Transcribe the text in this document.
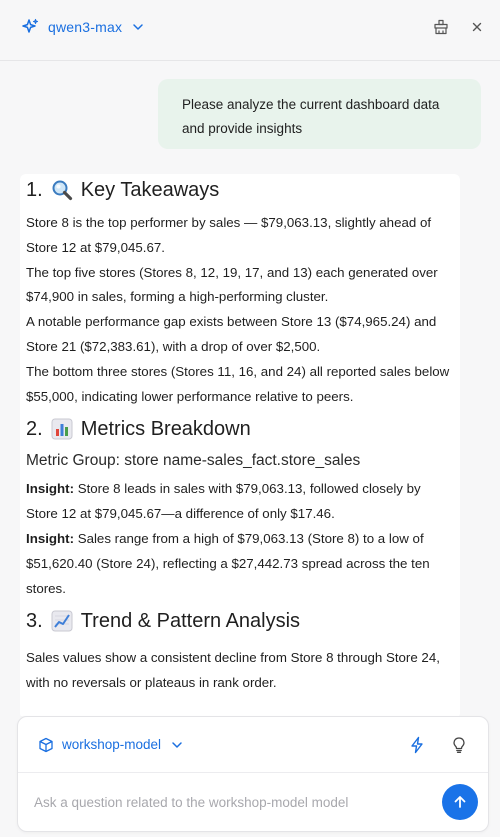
qwen3-max
Please analyze the current dashboard data and provide insights
1. Key Takeaways
Store 8 is the top performer by sales — $79,063.13, slightly ahead of Store 12 at $79,045.67.
The top five stores (Stores 8, 12, 19, 17, and 13) each generated over $74,900 in sales, forming a high-performing cluster.
A notable performance gap exists between Store 13 ($74,965.24) and Store 21 ($72,383.61), with a drop of over $2,500.
The bottom three stores (Stores 11, 16, and 24) all reported sales below $55,000, indicating lower performance relative to peers.
2. Metrics Breakdown
Metric Group: store name-sales_fact.store_sales
Insight: Store 8 leads in sales with $79,063.13, followed closely by Store 12 at $79,045.67—a difference of only $17.46.
Insight: Sales range from a high of $79,063.13 (Store 8) to a low of $51,620.40 (Store 24), reflecting a $27,442.73 spread across the ten stores.
3. Trend & Pattern Analysis
Sales values show a consistent decline from Store 8 through Store 24, with no reversals or plateaus in rank order.
workshop-model
Ask a question related to the workshop-model model
